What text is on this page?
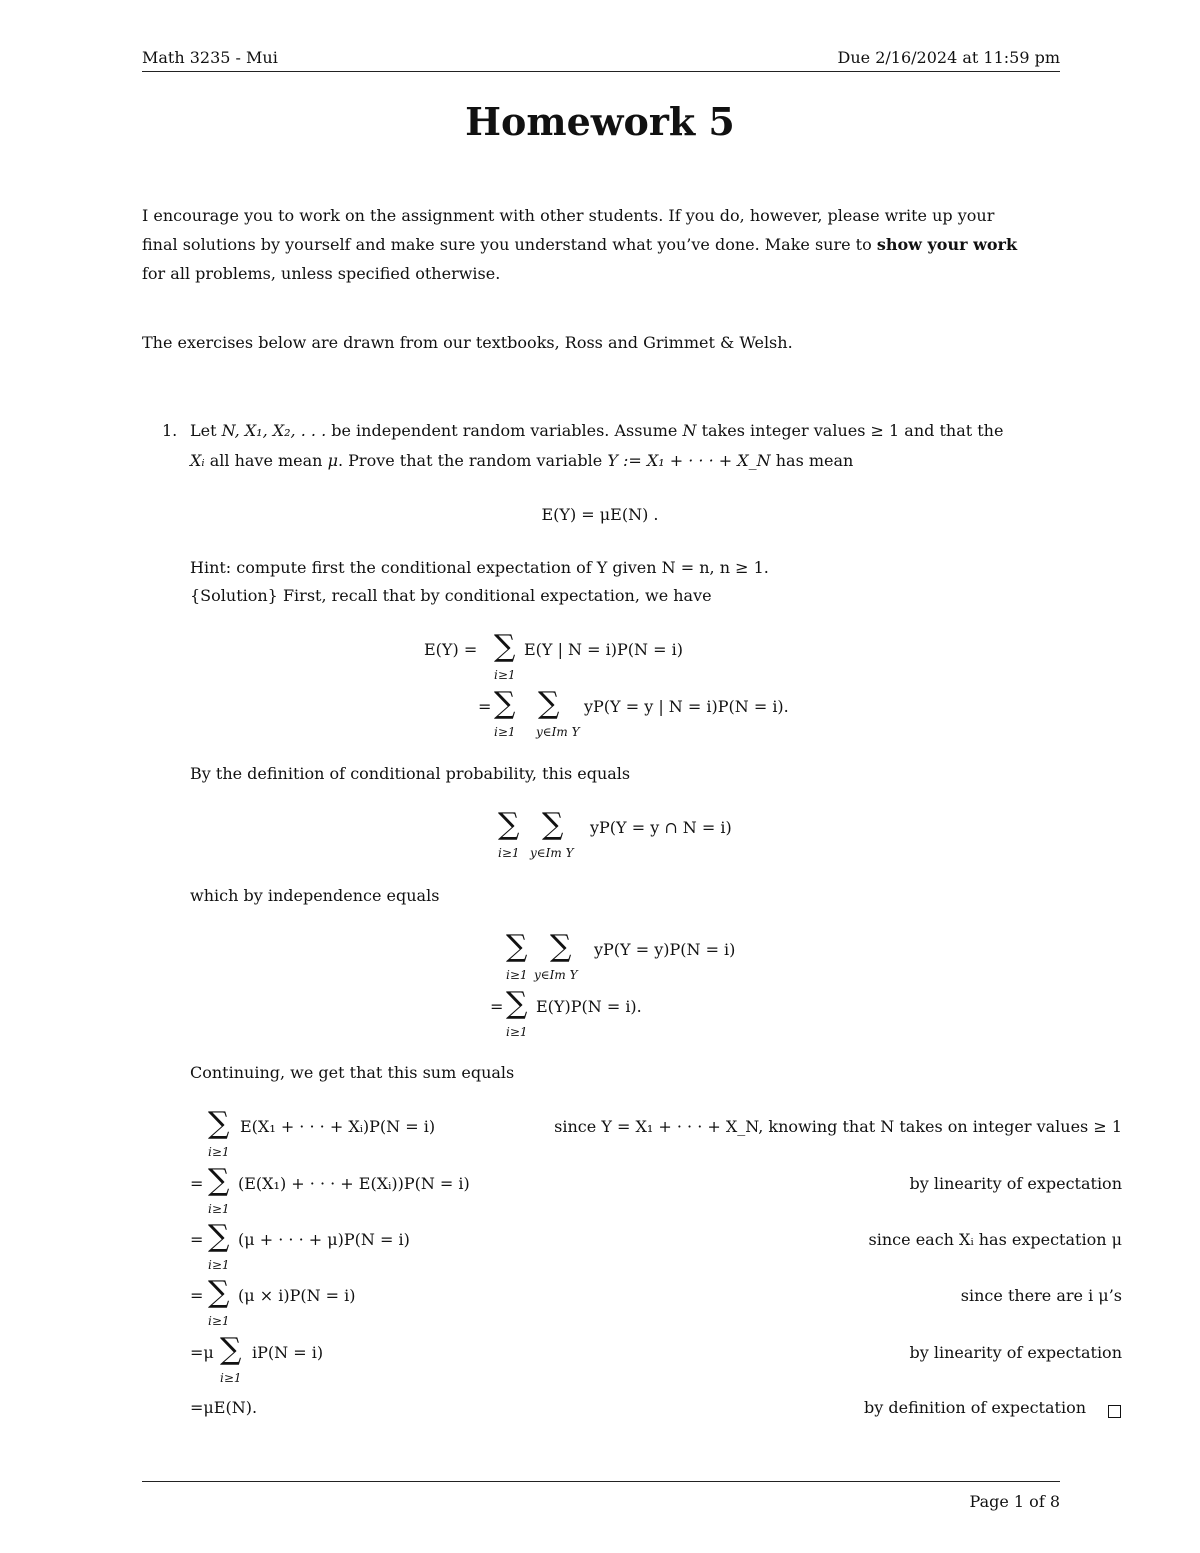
Math 3235 - Mui	Due 2/16/2024 at 11:59 pm
Homework 5
I encourage you to work on the assignment with other students. If you do, however, please write up your
final solutions by yourself and make sure you understand what you’ve done. Make sure to show your work
for all problems, unless specified otherwise.
The exercises below are drawn from our textbooks, Ross and Grimmet & Welsh.
1. Let N, X₁, X₂, . . . be independent random variables. Assume N takes integer values ≥ 1 and that the
Xᵢ all have mean μ. Prove that the random variable Y := X₁ + · · · + X_N has mean
E(Y) = μE(N) .
Hint: compute first the conditional expectation of Y given N = n, n ≥ 1.
{Solution} First, recall that by conditional expectation, we have
E(Y) = ∑
i≥1
E(Y | N = i)P(N = i)
= ∑
i≥1
∑
y∈Im Y
yP(Y = y | N = i)P(N = i).
By the definition of conditional probability, this equals
∑
i≥1
∑
y∈Im Y
yP(Y = y ∩ N = i)
which by independence equals
∑
i≥1
∑
y∈Im Y
yP(Y = y)P(N = i)
= ∑
i≥1
E(Y)P(N = i).
Continuing, we get that this sum equals
∑
i≥1
E(X₁ + · · · + Xᵢ)P(N = i)	since Y = X₁ + · · · + X_N, knowing that N takes on integer values ≥ 1
= ∑
i≥1
(E(X₁) + · · · + E(Xᵢ))P(N = i)	by linearity of expectation
= ∑
i≥1
(μ + · · · + μ)P(N = i)	since each Xᵢ has expectation μ
= ∑
i≥1
(μ × i)P(N = i)	since there are i μ’s
=μ ∑
i≥1
iP(N = i)	by linearity of expectation
=μE(N).	by definition of expectation
Page 1 of 8
